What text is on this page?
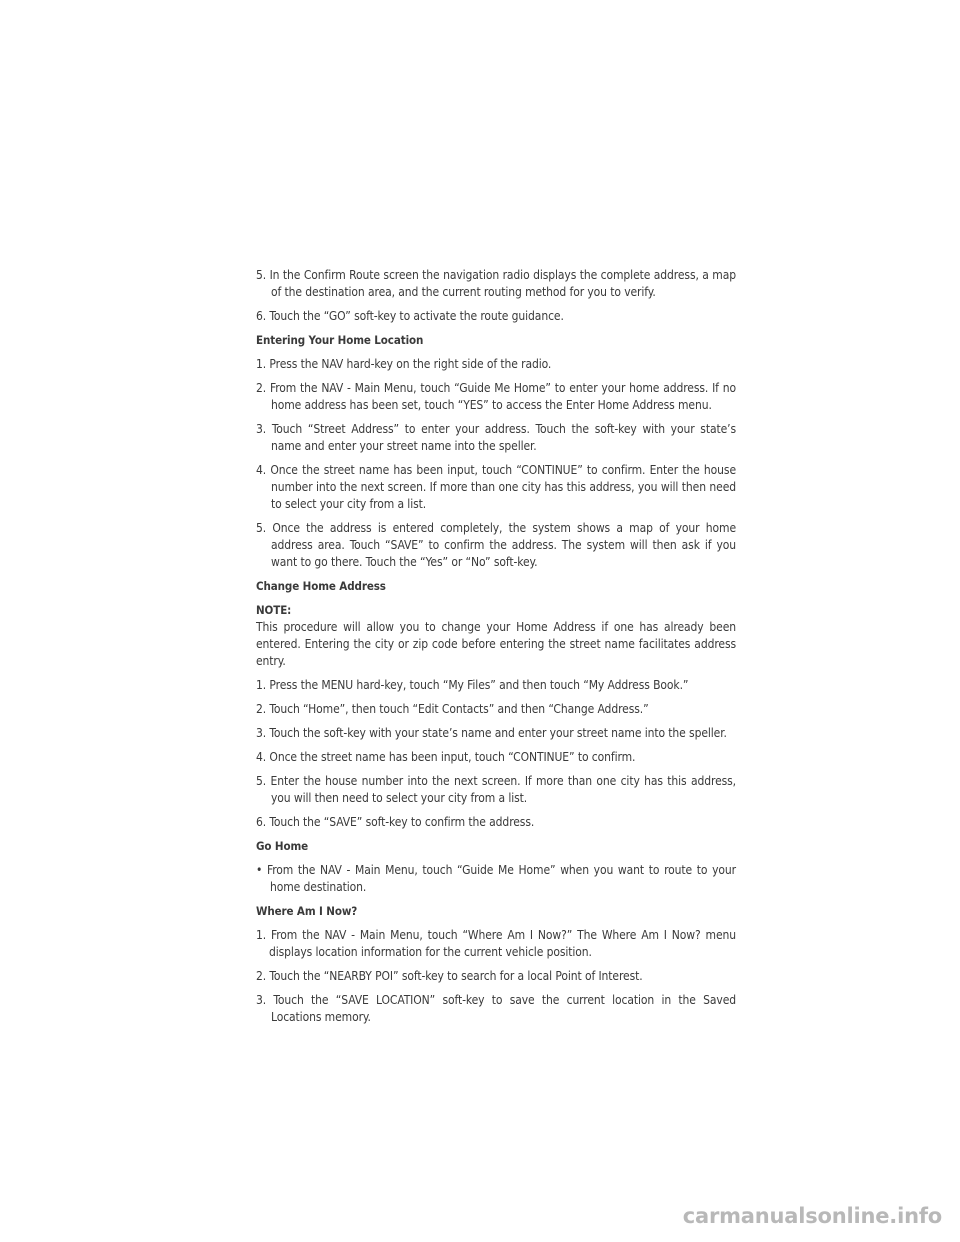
5. In the Confirm Route screen the navigation radio displays the complete address, a map of the destination area, and the current routing method for you to verify.

6. Touch the “GO” soft-key to activate the route guidance.

Entering Your Home Location

1. Press the NAV hard-key on the right side of the radio.

2. From the NAV - Main Menu, touch “Guide Me Home” to enter your home address. If no home address has been set, touch “YES” to access the Enter Home Address menu.

3. Touch “Street Address” to enter your address. Touch the soft-key with your state’s name and enter your street name into the speller.

4. Once the street name has been input, touch “CONTINUE” to confirm. Enter the house number into the next screen. If more than one city has this address, you will then need to select your city from a list.

5. Once the address is entered completely, the system shows a map of your home address area. Touch “SAVE” to confirm the address. The system will then ask if you want to go there. Touch the “Yes” or “No” soft-key.

Change Home Address

NOTE:

This procedure will allow you to change your Home Address if one has already been entered. Entering the city or zip code before entering the street name facilitates address entry.

1. Press the MENU hard-key, touch “My Files” and then touch “My Address Book.”

2. Touch “Home”, then touch “Edit Contacts” and then “Change Address.”

3. Touch the soft-key with your state’s name and enter your street name into the speller.

4. Once the street name has been input, touch “CONTINUE” to confirm.

5. Enter the house number into the next screen. If more than one city has this address, you will then need to select your city from a list.

6. Touch the “SAVE” soft-key to confirm the address.

Go Home

• From the NAV - Main Menu, touch “Guide Me Home” when you want to route to your home destination.

Where Am I Now?

1. From the NAV - Main Menu, touch “Where Am I Now?” The Where Am I Now? menu displays location information for the current vehicle position.

2. Touch the “NEARBY POI” soft-key to search for a local Point of Interest.

3. Touch the “SAVE LOCATION” soft-key to save the current location in the Saved Locations memory.

carmanualsonline.info
